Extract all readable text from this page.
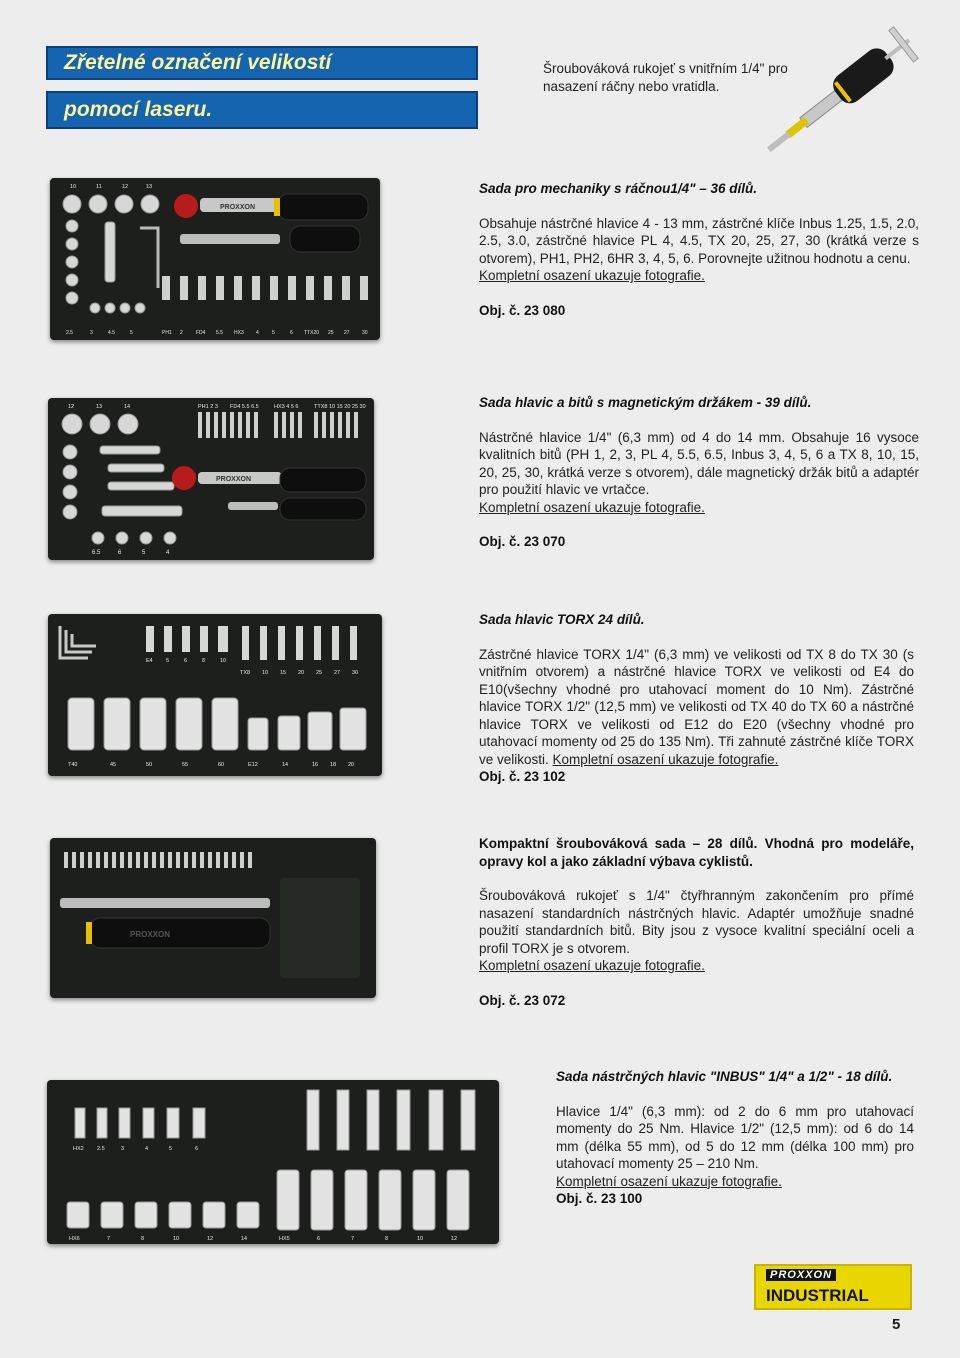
Zřetelné označení velikostí
pomocí laseru.
Šroubováková rukojeť s vnitřním 1/4" pro nasazení ráčny nebo vratidla.
10	11	12	13
PROXXON
2.5	3	4.5	5	PH1 2	FD4 5.5 HX3 4	5	6 TTX20 25 27 30
Sada pro mechaniky s ráčnou1/4" – 36 dílů.

Obsahuje nástrčné hlavice 4 - 13 mm, zástrčné klíče Inbus 1.25, 1.5, 2.0, 2.5, 3.0, zástrčné hlavice PL 4, 4.5, TX 20, 25, 27, 30 (krátká verze s otvorem), PH1, PH2, 6HR 3, 4, 5, 6. Porovnejte užitnou hodnotu a cenu.

Kompletní osazení ukazuje fotografie.
Obj. č. 23 080
12	13	14	PH1 2 3 FD4 5.5 6.5	HX3 4 5 6	TTX8 10 15 20 25 30
PROXXON
6.5	6	5	4
Sada hlavic a bitů s magnetickým držákem - 39 dílů.

Nástrčné hlavice 1/4" (6,3 mm) od 4 do 14 mm. Obsahuje 16 vysoce kvalitních bitů (PH 1, 2, 3, PL 4, 5.5, 6.5, Inbus 3, 4, 5, 6 a TX 8, 10, 15, 20, 25, 30, krátká verze s otvorem), dále magnetický držák bitů a adaptér pro použití hlavic ve vrtačce.

Kompletní osazení ukazuje fotografie.
Obj. č. 23 070
E4 5	6	8	10
TX8 10 15 20 25 27 30
T40	45	50	55	60	E12	14	16 18 20
Sada hlavic TORX 24 dílů.

Zástrčné hlavice TORX 1/4" (6,3 mm) ve velikosti od TX 8 do TX 30 (s vnitřním otvorem) a nástrčné hlavice TORX ve velikosti od E4 do E10(všechny vhodné pro utahovací moment do 10 Nm). Zástrčné hlavice TORX 1/2" (12,5 mm) ve velikosti od TX 40 do TX 60 a nástrčné hlavice TORX ve velikosti od E12 do E20 (všechny vhodné pro utahovací momenty od 25 do 135 Nm). Tři zahnuté zástrčné klíče TORX ve velikosti. Kompletní osazení ukazuje fotografie.

Obj. č. 23 102
PROXXON
Kompaktní šroubováková sada – 28 dílů. Vhodná pro modeláře, opravy kol a jako základní výbava cyklistů.

Šroubováková rukojeť s 1/4" čtyřhranným zakončením pro přímé nasazení standardních nástrčných hlavic. Adaptér umožňuje snadné použití standardních bitů. Bity jsou z vysoce kvalitní speciální oceli a profil TORX je s otvorem.

Kompletní osazení ukazuje fotografie.
Obj. č. 23 072
HX2 2.5	3	4	5	6
HX6	7	8	10	12	14	HX5	6	7	8	10	12
Sada nástrčných hlavic "INBUS" 1/4" a 1/2" - 18 dílů.

Hlavice 1/4" (6,3 mm): od 2 do 6 mm pro utahovací momenty do 25 Nm. Hlavice 1/2" (12,5 mm): od 6 do 14 mm (délka 55 mm), od 5 do 12 mm (délka 100 mm) pro utahovací momenty 25 – 210 Nm.

Kompletní osazení ukazuje fotografie.
Obj. č. 23 100
PROXXON
INDUSTRIAL
5
